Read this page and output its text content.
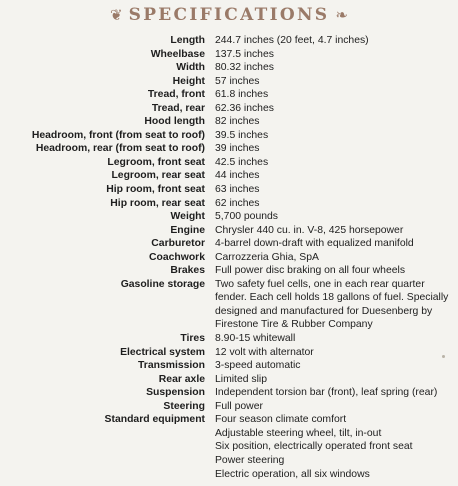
❦ SPECIFICATIONS ❧
Length 244.7 inches (20 feet, 4.7 inches)
Wheelbase 137.5 inches
Width 80.32 inches
Height 57 inches
Tread, front 61.8 inches
Tread, rear 62.36 inches
Hood length 82 inches
Headroom, front (from seat to roof) 39.5 inches
Headroom, rear (from seat to roof) 39 inches
Legroom, front seat 42.5 inches
Legroom, rear seat 44 inches
Hip room, front seat 63 inches
Hip room, rear seat 62 inches
Weight 5,700 pounds
Engine Chrysler 440 cu. in. V-8, 425 horsepower
Carburetor 4-barrel down-draft with equalized manifold
Coachwork Carrozzeria Ghia, SpA
Brakes Full power disc braking on all four wheels
Gasoline storage Two safety fuel cells, one in each rear quarter
fender. Each cell holds 18 gallons of fuel. Specially
designed and manufactured for Duesenberg by
Firestone Tire & Rubber Company
Tires 8.90-15 whitewall
Electrical system 12 volt with alternator
Transmission 3-speed automatic
Rear axle Limited slip
Suspension Independent torsion bar (front), leaf spring (rear)
Steering Full power
Standard equipment Four season climate comfort
Adjustable steering wheel, tilt, in-out
Six position, electrically operated front seat
Power steering
Electric operation, all six windows
